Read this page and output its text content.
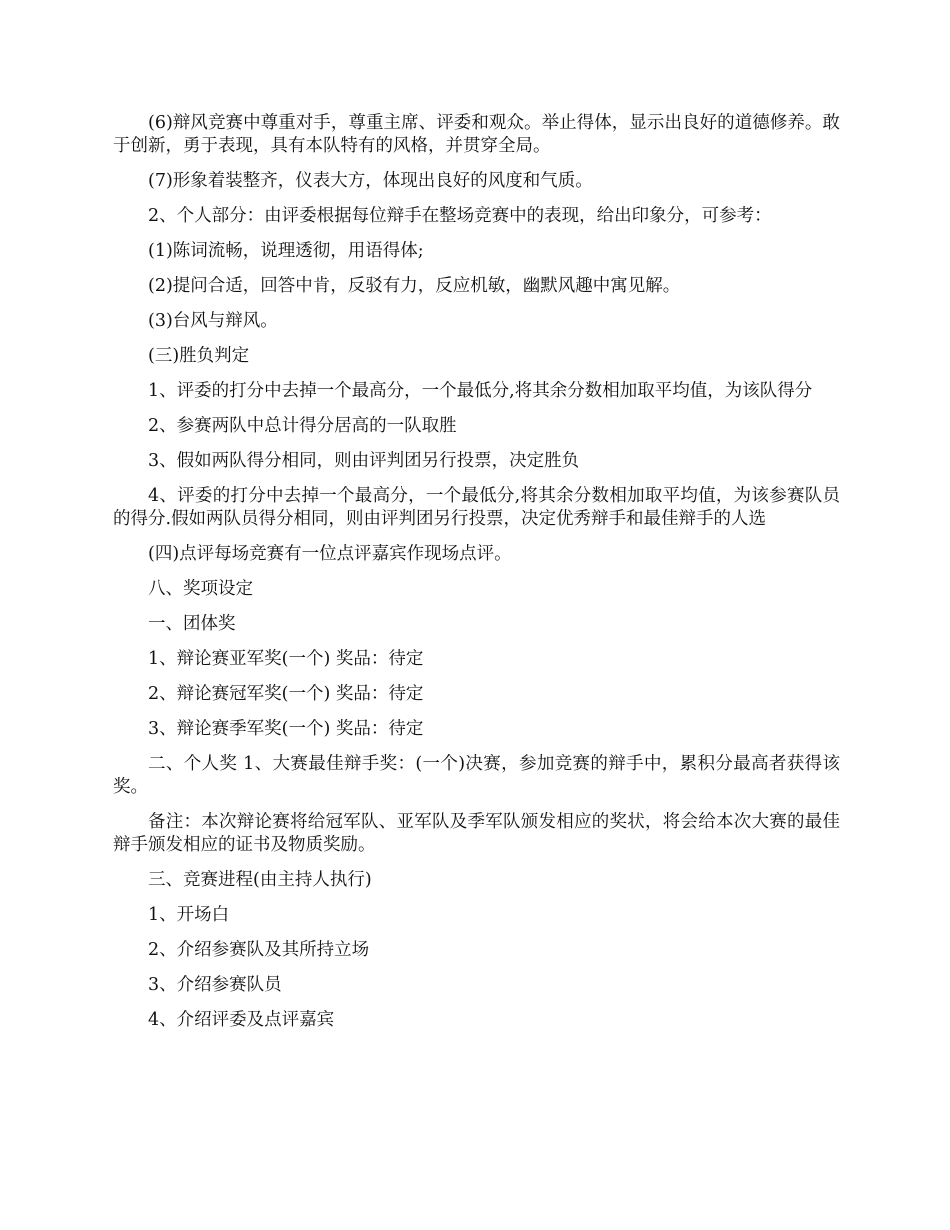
(6)辩风竞赛中尊重对手，尊重主席、评委和观众。举止得体，显示出良好的道德修养。敢于创新，勇于表现，具有本队特有的风格，并贯穿全局。

(7)形象着装整齐，仪表大方，体现出良好的风度和气质。

2、个人部分：由评委根据每位辩手在整场竞赛中的表现，给出印象分，可参考：

(1)陈词流畅，说理透彻，用语得体;

(2)提问合适，回答中肯，反驳有力，反应机敏，幽默风趣中寓见解。

(3)台风与辩风。

(三)胜负判定

1、评委的打分中去掉一个最高分，一个最低分,将其余分数相加取平均值，为该队得分

2、参赛两队中总计得分居高的一队取胜

3、假如两队得分相同，则由评判团另行投票，决定胜负

4、评委的打分中去掉一个最高分，一个最低分,将其余分数相加取平均值，为该参赛队员的得分.假如两队员得分相同，则由评判团另行投票，决定优秀辩手和最佳辩手的人选

(四)点评每场竞赛有一位点评嘉宾作现场点评。

八、奖项设定

一、团体奖

1、辩论赛亚军奖(一个) 奖品：待定

2、辩论赛冠军奖(一个) 奖品：待定

3、辩论赛季军奖(一个) 奖品：待定

二、个人奖 1、大赛最佳辩手奖：(一个)决赛，参加竞赛的辩手中，累积分最高者获得该奖。

备注：本次辩论赛将给冠军队、亚军队及季军队颁发相应的奖状，将会给本次大赛的最佳辩手颁发相应的证书及物质奖励。

三、竞赛进程(由主持人执行)

1、开场白

2、介绍参赛队及其所持立场

3、介绍参赛队员

4、介绍评委及点评嘉宾
